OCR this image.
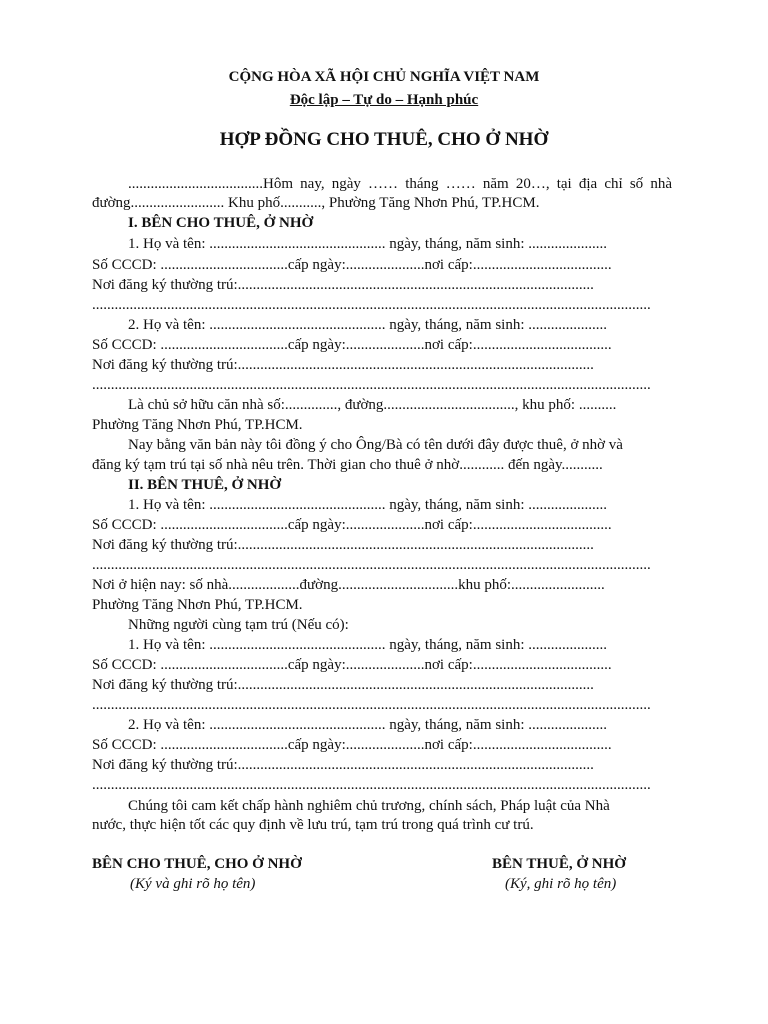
CỘNG HÒA XÃ HỘI CHỦ NGHĨA VIỆT NAM
Độc lập – Tự do – Hạnh phúc
HỢP ĐỒNG CHO THUÊ, CHO Ở NHỜ
....................................Hôm nay, ngày …… tháng …… năm 20…, tại địa chỉ số nhà
đường......................... Khu phố..........., Phường Tăng Nhơn Phú, TP.HCM.
I. BÊN CHO THUÊ, Ở NHỜ
1. Họ và tên: ............................................... ngày, tháng, năm sinh: .....................
Số CCCD: ..................................cấp ngày:.....................nơi cấp:.....................................
Nơi đăng ký thường trú:...............................................................................................
.....................................................................................................................................................
2. Họ và tên: ............................................... ngày, tháng, năm sinh: .....................
Số CCCD: ..................................cấp ngày:.....................nơi cấp:.....................................
Nơi đăng ký thường trú:...............................................................................................
.....................................................................................................................................................
Là chủ sở hữu căn nhà số:.............., đường..................................., khu phố: ..........
Phường Tăng Nhơn Phú, TP.HCM.
Nay bằng văn bản này tôi đồng ý cho Ông/Bà có tên dưới đây được thuê, ở nhờ và
đăng ký tạm trú tại số nhà nêu trên. Thời gian cho thuê ở nhờ............ đến ngày...........
II. BÊN THUÊ, Ở NHỜ
1. Họ và tên: ............................................... ngày, tháng, năm sinh: .....................
Số CCCD: ..................................cấp ngày:.....................nơi cấp:.....................................
Nơi đăng ký thường trú:...............................................................................................
.....................................................................................................................................................
Nơi ở hiện nay: số nhà...................đường................................khu phố:.........................
Phường Tăng Nhơn Phú, TP.HCM.
Những người cùng tạm trú (Nếu có):
1. Họ và tên: ............................................... ngày, tháng, năm sinh: .....................
Số CCCD: ..................................cấp ngày:.....................nơi cấp:.....................................
Nơi đăng ký thường trú:...............................................................................................
.....................................................................................................................................................
2. Họ và tên: ............................................... ngày, tháng, năm sinh: .....................
Số CCCD: ..................................cấp ngày:.....................nơi cấp:.....................................
Nơi đăng ký thường trú:...............................................................................................
.....................................................................................................................................................
Chúng tôi cam kết chấp hành nghiêm chủ trương, chính sách, Pháp luật của Nhà
nước, thực hiện tốt các quy định về lưu trú, tạm trú trong quá trình cư trú.
BÊN CHO THUÊ, CHO Ở NHỜ
(Ký và ghi rõ họ tên)
BÊN THUÊ, Ở NHỜ
(Ký, ghi rõ họ tên)
